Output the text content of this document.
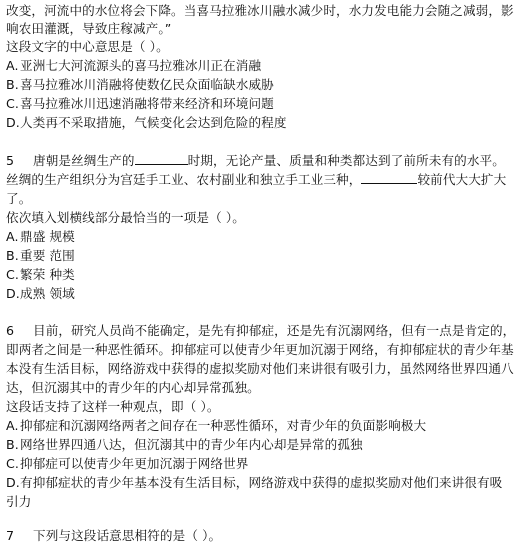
改变，河流中的水位将会下降。当喜马拉雅冰川融水减少时，水力发电能力会随之减弱，影
响农田灌溉，导致庄稼减产。”
这段文字的中心意思是（ ）。
A.亚洲七大河流源头的喜马拉雅冰川正在消融
B.喜马拉雅冰川消融将使数亿民众面临缺水威胁
C.喜马拉雅冰川迅速消融将带来经济和环境问题
D.人类再不采取措施，气候变化会达到危险的程度
5 唐朝是丝绸生产的	时期，无论产量、质量和种类都达到了前所未有的水平。
丝绸的生产组织分为宫廷手工业、农村副业和独立手工业三种，	较前代大大扩大
了。
依次填入划横线部分最恰当的一项是（ ）。
A.鼎盛 规模
B.重要 范围
C.繁荣 种类
D.成熟 领域
6 目前，研究人员尚不能确定，是先有抑郁症，还是先有沉溺网络，但有一点是肯定的，
即两者之间是一种恶性循环。抑郁症可以使青少年更加沉溺于网络，有抑郁症状的青少年基
本没有生活目标，网络游戏中获得的虚拟奖励对他们来讲很有吸引力，虽然网络世界四通八
达，但沉溺其中的青少年的内心却异常孤独。
这段话支持了这样一种观点，即（ ）。
A.抑郁症和沉溺网络两者之间存在一种恶性循环，对青少年的负面影响极大
B.网络世界四通八达，但沉溺其中的青少年内心却是异常的孤独
C.抑郁症可以使青少年更加沉溺于网络世界
D.有抑郁症状的青少年基本没有生活目标，网络游戏中获得的虚拟奖励对他们来讲很有吸
引力
7 下列与这段话意思相符的是（ ）。
